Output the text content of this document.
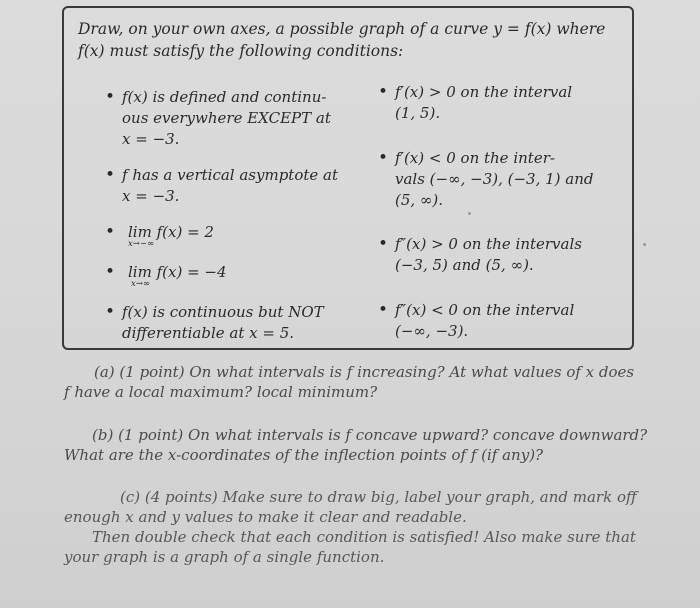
Draw, on your own axes, a possible graph of a curve y = f(x) where f(x) must satisfy the following conditions:

• f(x) is defined and continu-
ous everywhere EXCEPT at
x = −3.
• f has a vertical asymptote at
x = −3.
• lim f(x) = 2
x→−∞
• lim f(x) = −4
x→∞
• f(x) is continuous but NOT
differentiable at x = 5.
• f′(x) > 0 on the interval
(1, 5).
• f′(x) < 0 on the inter-
vals (−∞, −3), (−3, 1) and
(5, ∞).
• f″(x) > 0 on the intervals
(−3, 5) and (5, ∞).
• f″(x) < 0 on the interval
(−∞, −3).
(a) (1 point) On what intervals is f increasing? At what values of x does
f have a local maximum? local minimum?
(b) (1 point) On what intervals is f concave upward? concave downward?
What are the x-coordinates of the inflection points of f (if any)?
(c) (4 points) Make sure to draw big, label your graph, and mark off
enough x and y values to make it clear and readable.
Then double check that each condition is satisfied! Also make sure that
your graph is a graph of a single function.
